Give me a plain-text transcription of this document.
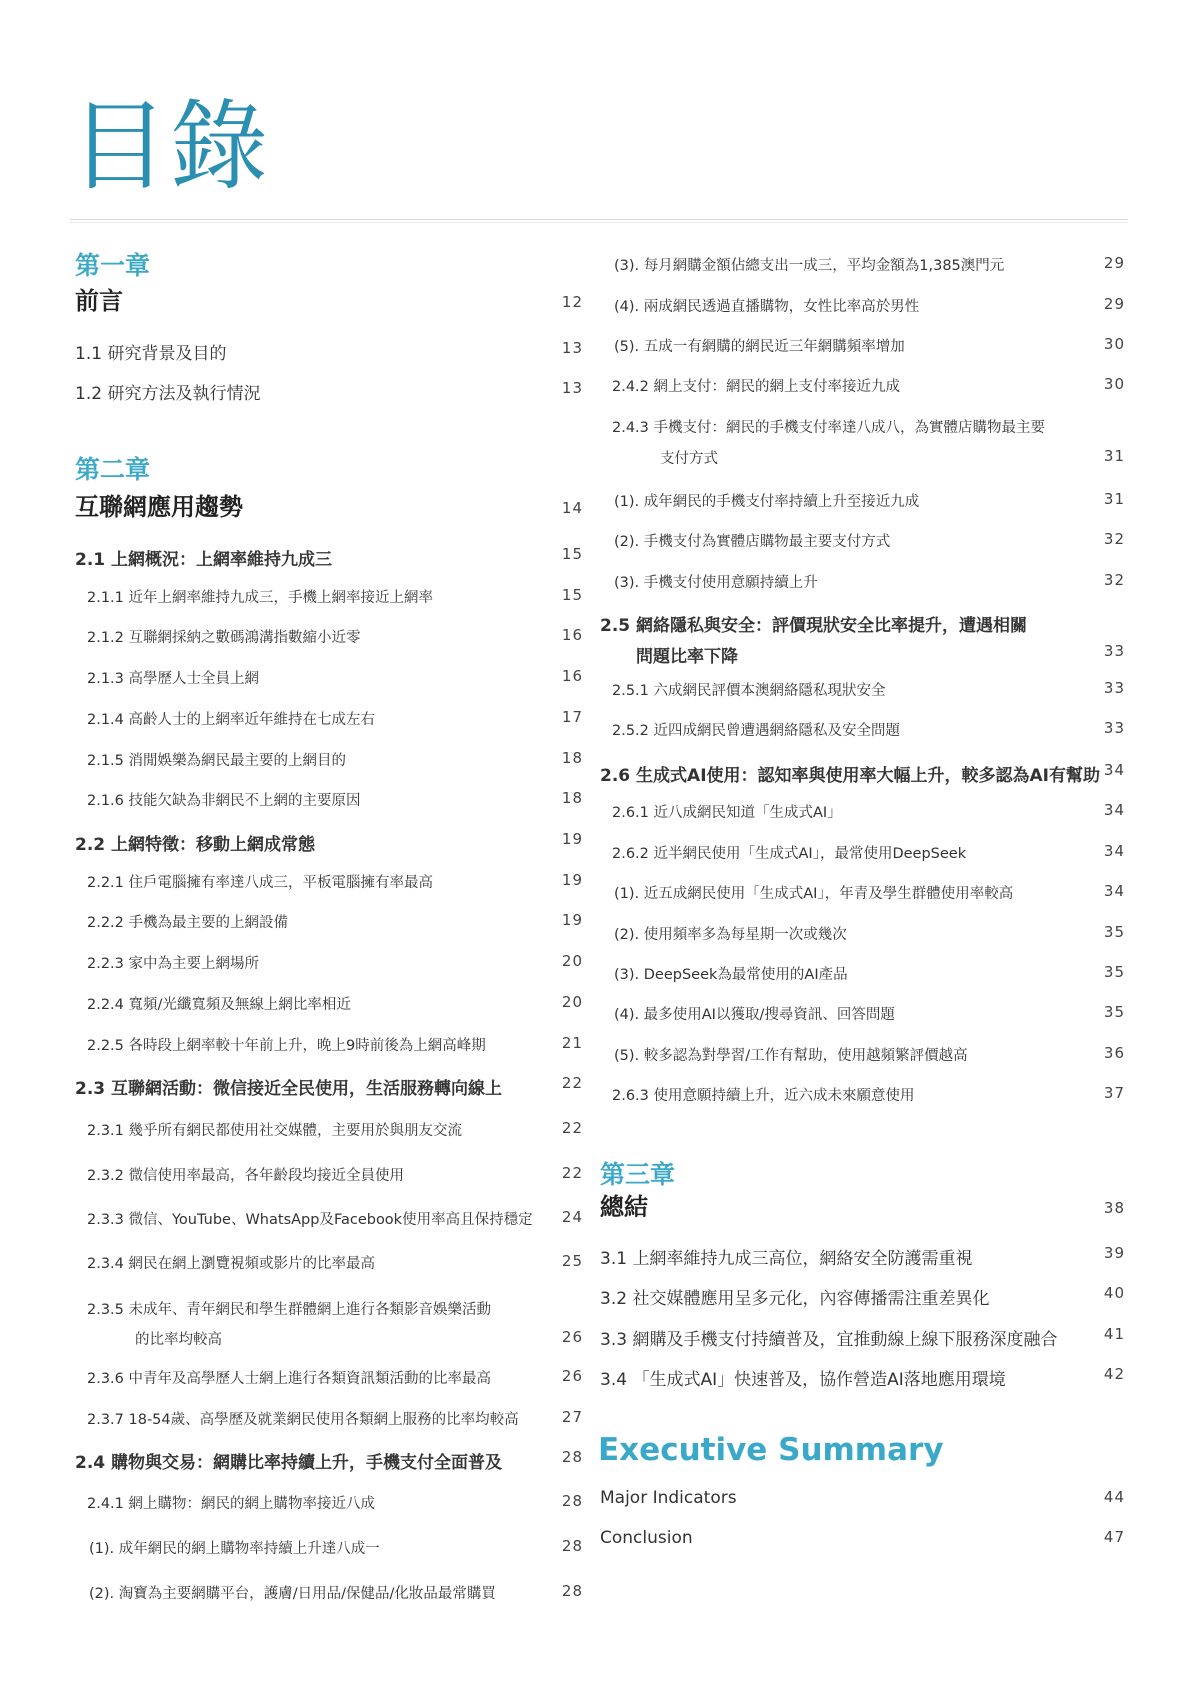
目錄
第一章
前言	12
1.1 研究背景及目的	13
1.2 研究方法及執行情況	13
第二章
互聯網應用趨勢	14
2.1 上網概況：上網率維持九成三	15
2.1.1 近年上網率維持九成三，手機上網率接近上網率	15
2.1.2 互聯網採納之數碼鴻溝指數縮小近零	16
2.1.3 高學歷人士全員上網	16
2.1.4 高齡人士的上網率近年維持在七成左右	17
2.1.5 消閒娛樂為網民最主要的上網目的	18
2.1.6 技能欠缺為非網民不上網的主要原因	18
2.2 上網特徵：移動上網成常態	19
2.2.1 住戶電腦擁有率達八成三，平板電腦擁有率最高	19
2.2.2 手機為最主要的上網設備	19
2.2.3 家中為主要上網場所	20
2.2.4 寬頻/光纖寬頻及無線上網比率相近	20
2.2.5 各時段上網率較十年前上升，晚上9時前後為上網高峰期	21
2.3 互聯網活動：微信接近全民使用，生活服務轉向線上	22
2.3.1 幾乎所有網民都使用社交媒體，主要用於與朋友交流	22
2.3.2 微信使用率最高，各年齡段均接近全員使用	22
2.3.3 微信、YouTube、WhatsApp及Facebook使用率高且保持穩定 24
2.3.4 網民在網上瀏覽視頻或影片的比率最高	25
2.3.5 未成年、青年網民和學生群體網上進行各類影音娛樂活動
的比率均較高	26
2.3.6 中青年及高學歷人士網上進行各類資訊類活動的比率最高	26
2.3.7 18-54歲、高學歷及就業網民使用各類網上服務的比率均較高	27
2.4 購物與交易：網購比率持續上升，手機支付全面普及	28
2.4.1 網上購物：網民的網上購物率接近八成	28
(1). 成年網民的網上購物率持續上升達八成一	28
(2). 淘寶為主要網購平台，護膚/日用品/保健品/化妝品最常購買	28
(3). 每月網購金額佔總支出一成三，平均金額為1,385澳門元	29
(4). 兩成網民透過直播購物，女性比率高於男性	29
(5). 五成一有網購的網民近三年網購頻率增加	30
2.4.2 網上支付：網民的網上支付率接近九成	30
2.4.3 手機支付：網民的手機支付率達八成八，為實體店購物最主要
支付方式	31
(1). 成年網民的手機支付率持續上升至接近九成	31
(2). 手機支付為實體店購物最主要支付方式	32
(3). 手機支付使用意願持續上升	32
2.5 網絡隱私與安全：評價現狀安全比率提升，遭遇相關
問題比率下降	33
2.5.1 六成網民評價本澳網絡隱私現狀安全	33
2.5.2 近四成網民曾遭遇網絡隱私及安全問題	33
2.6 生成式AI使用：認知率與使用率大幅上升，較多認為AI有幫助 34
2.6.1 近八成網民知道「生成式AI」	34
2.6.2 近半網民使用「生成式AI」，最常使用DeepSeek	34
(1). 近五成網民使用「生成式AI」，年青及學生群體使用率較高	34
(2). 使用頻率多為每星期一次或幾次	35
(3). DeepSeek為最常使用的AI產品	35
(4). 最多使用AI以獲取/搜尋資訊、回答問題	35
(5). 較多認為對學習/工作有幫助，使用越頻繁評價越高	36
2.6.3 使用意願持續上升，近六成未來願意使用	37
第三章
總結	38
3.1 上網率維持九成三高位，網絡安全防護需重視	39
3.2 社交媒體應用呈多元化，內容傳播需注重差異化	40
3.3 網購及手機支付持續普及，宜推動線上線下服務深度融合	41
3.4 「生成式AI」快速普及，協作營造AI落地應用環境	42
Executive Summary
Major Indicators	44
Conclusion	47
